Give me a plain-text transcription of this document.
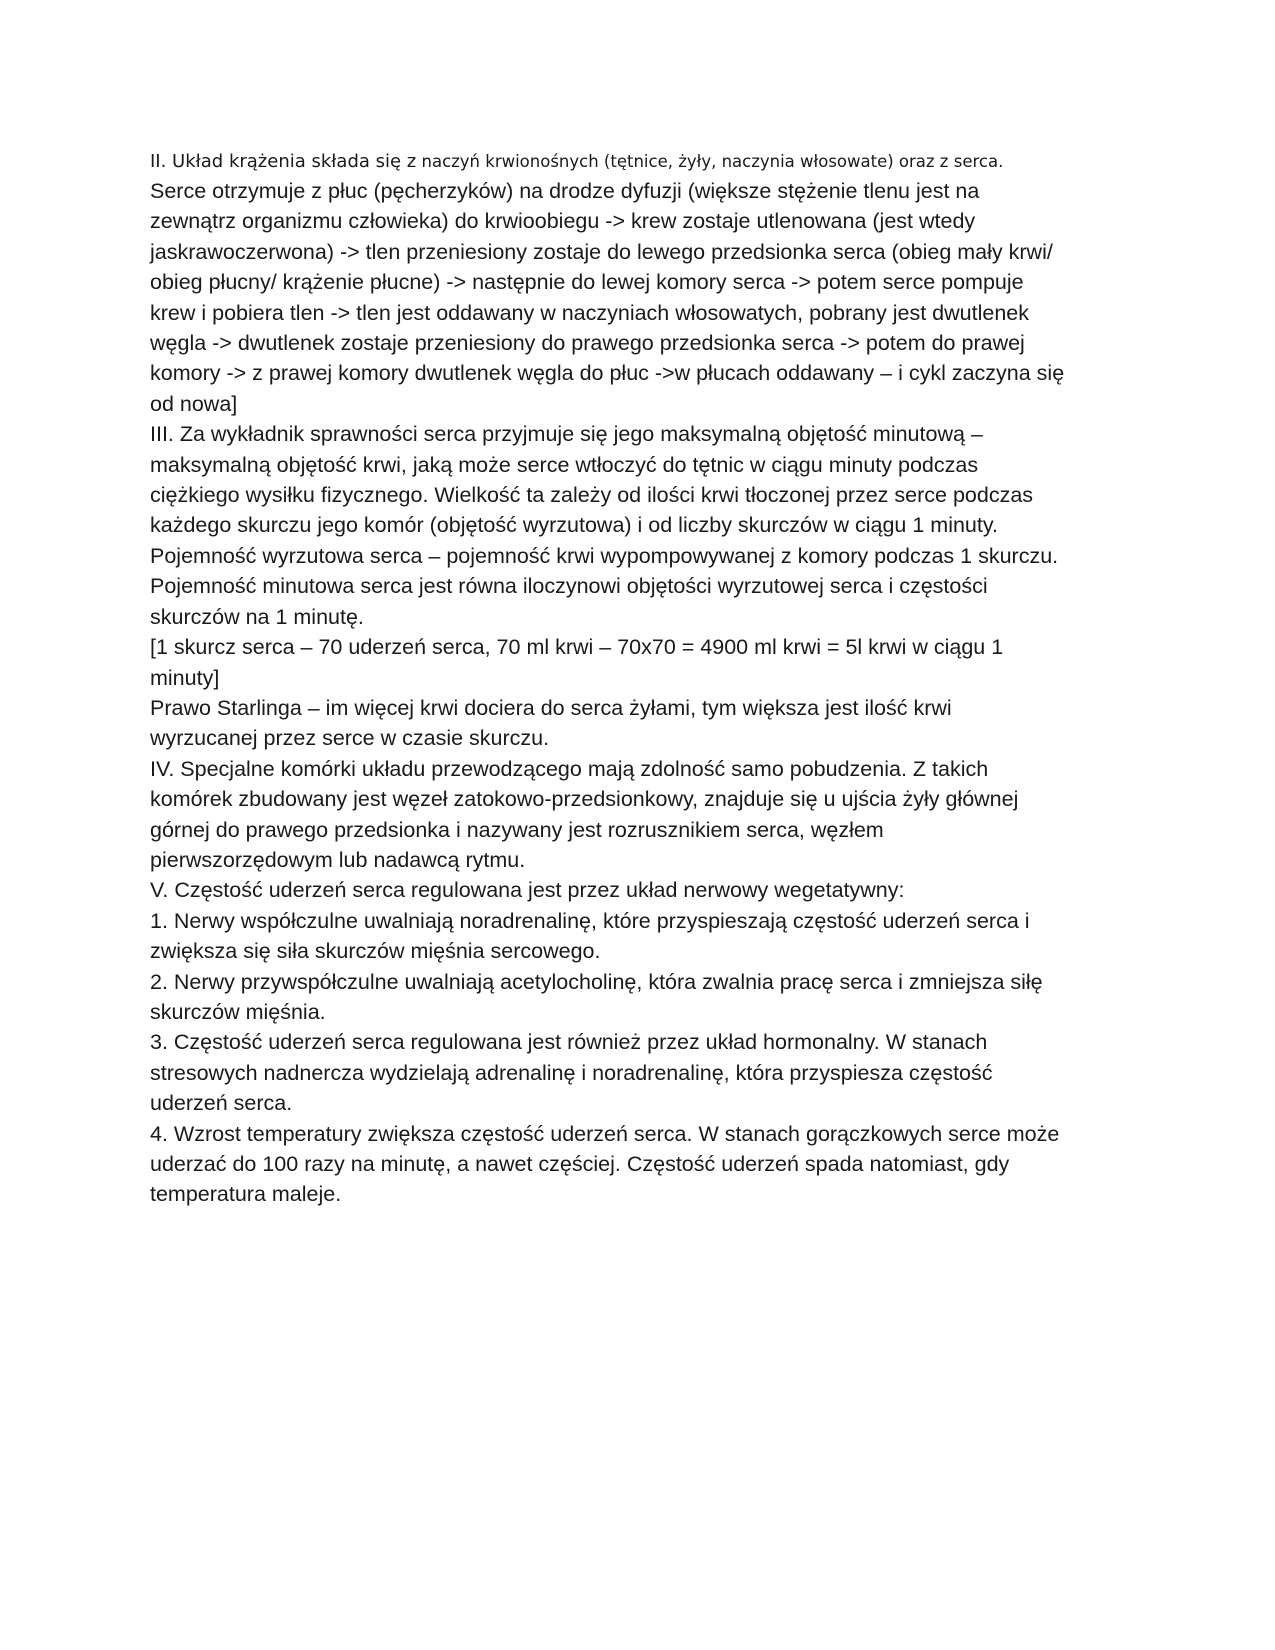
II. Układ krążenia składa się z naczyń krwionośnych (tętnice, żyły, naczynia włosowate) oraz z serca.

Serce otrzymuje z płuc (pęcherzyków) na drodze dyfuzji (większe stężenie tlenu jest na

zewnątrz organizmu człowieka) do krwioobiegu -> krew zostaje utlenowana (jest wtedy

jaskrawoczerwona) -> tlen przeniesiony zostaje do lewego przedsionka serca (obieg mały krwi/

obieg płucny/ krążenie płucne) -> następnie do lewej komory serca -> potem serce pompuje

krew i pobiera tlen -> tlen jest oddawany w naczyniach włosowatych, pobrany jest dwutlenek

węgla -> dwutlenek zostaje przeniesiony do prawego przedsionka serca -> potem do prawej

komory -> z prawej komory dwutlenek węgla do płuc ->w płucach oddawany – i cykl zaczyna się

od nowa]

III. Za wykładnik sprawności serca przyjmuje się jego maksymalną objętość minutową –

maksymalną objętość krwi, jaką może serce wtłoczyć do tętnic w ciągu minuty podczas

ciężkiego wysiłku fizycznego. Wielkość ta zależy od ilości krwi tłoczonej przez serce podczas

każdego skurczu jego komór (objętość wyrzutowa) i od liczby skurczów w ciągu 1 minuty.

Pojemność wyrzutowa serca – pojemność krwi wypompowywanej z komory podczas 1 skurczu.

Pojemność minutowa serca jest równa iloczynowi objętości wyrzutowej serca i częstości

skurczów na 1 minutę.

[1 skurcz serca – 70 uderzeń serca, 70 ml krwi – 70x70 = 4900 ml krwi = 5l krwi w ciągu 1

minuty]

Prawo Starlinga – im więcej krwi dociera do serca żyłami, tym większa jest ilość krwi

wyrzucanej przez serce w czasie skurczu.

IV. Specjalne komórki układu przewodzącego mają zdolność samo pobudzenia. Z takich

komórek zbudowany jest węzeł zatokowo-przedsionkowy, znajduje się u ujścia żyły głównej

górnej do prawego przedsionka i nazywany jest rozrusznikiem serca, węzłem

pierwszorzędowym lub nadawcą rytmu.

V. Częstość uderzeń serca regulowana jest przez układ nerwowy wegetatywny:

1. Nerwy współczulne uwalniają noradrenalinę, które przyspieszają częstość uderzeń serca i

zwiększa się siła skurczów mięśnia sercowego.

2. Nerwy przywspółczulne uwalniają acetylocholinę, która zwalnia pracę serca i zmniejsza siłę

skurczów mięśnia.

3. Częstość uderzeń serca regulowana jest również przez układ hormonalny. W stanach

stresowych nadnercza wydzielają adrenalinę i noradrenalinę, która przyspiesza częstość

uderzeń serca.

4. Wzrost temperatury zwiększa częstość uderzeń serca. W stanach gorączkowych serce może

uderzać do 100 razy na minutę, a nawet częściej. Częstość uderzeń spada natomiast, gdy

temperatura maleje.
